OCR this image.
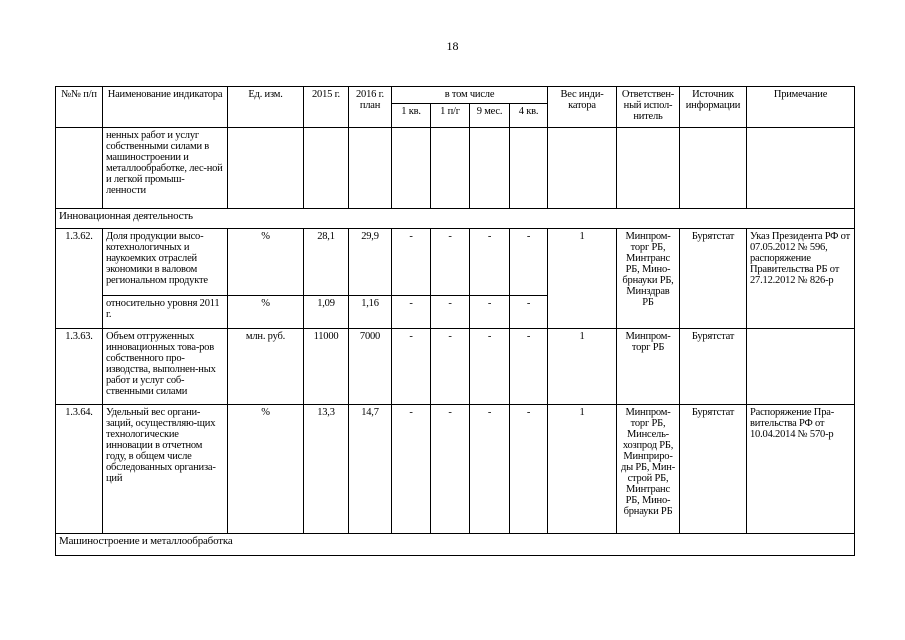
18
№№ п/п	Наименование индикатора	Ед. изм.	2015 г.	2016 г. план	в том числе				Вес инди-катора	Ответствен-ный испол-нитель	Источник информации	Примечание
					1 кв.	1 п/г	9 мес.	4 кв.				
	ненных работ и услуг собственными силами в машиностроении и металлообработке, лес-ной и легкой промыш-ленности											
Инновационная деятельность												
1.3.62.	Доля продукции высо-котехнологичных и наукоемких отраслей экономики в валовом региональном продукте	%	28,1	29,9	-	-	-	-	1	Минпром-торг РБ, Минтранс РБ, Мино-брнауки РБ, Минздрав РБ	Бурятстат	Указ Президента РФ от 07.05.2012 № 596, распоряжение Правительства РБ от 27.12.2012 № 826-р
	относительно уровня 2011 г.	%	1,09	1,16	-	-	-	-				
1.3.63.	Объем отгруженных инновационных това-ров собственного про-изводства, выполнен-ных работ и услуг соб-ственными силами	млн. руб.	11000	7000	-	-	-	-	1	Минпром-торг РБ	Бурятстат	
1.3.64.	Удельный вес органи-заций, осуществляю-щих технологические инновации в отчетном году, в общем числе обследованных организа-ций	%	13,3	14,7	-	-	-	-	1	Минпром-торг РБ, Минсель-хозпрод РБ, Минприро-ды РБ, Мин-строй РБ, Минтранс РБ, Мино-брнауки РБ	Бурятстат	Распоряжение Пра-вительства РФ от 10.04.2014 № 570-р
Машиностроение и металлообработка												
